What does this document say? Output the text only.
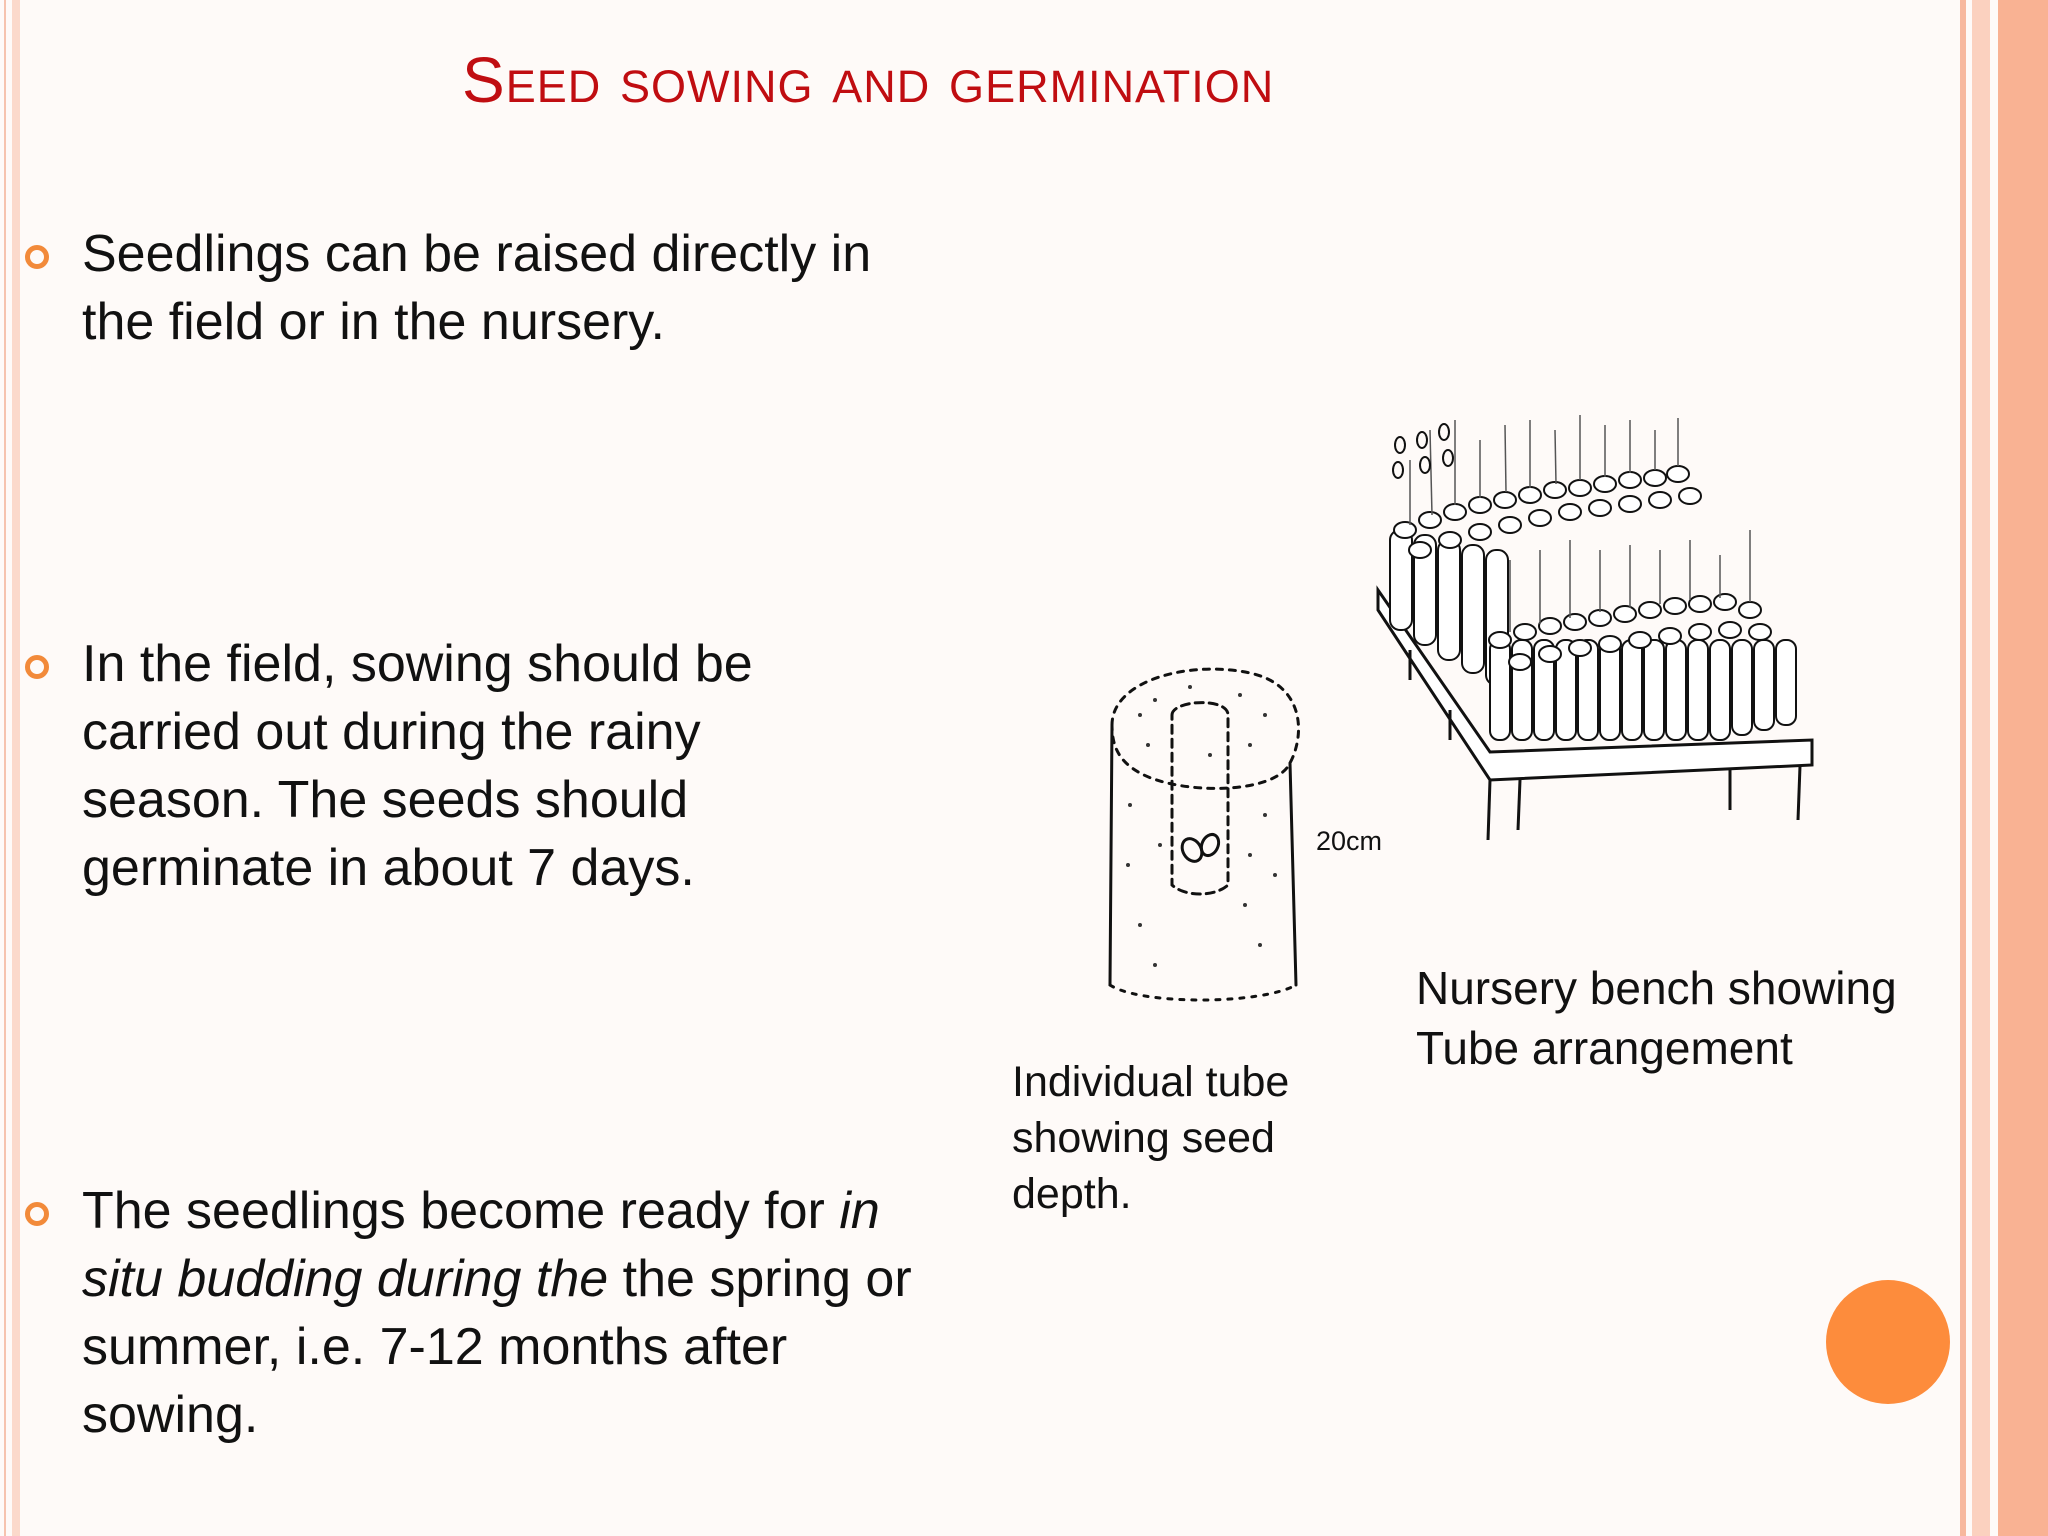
Seed sowing and germination
Seedlings can be raised directly in the field or in the nursery.
In the field, sowing should be carried out during the rainy season. The seeds should germinate in about 7 days.
The seedlings become ready for in situ budding during the the spring or summer, i.e. 7-12 months after sowing.
20cm
Individual tube showing seed depth.
Nursery bench showing Tube arrangement
